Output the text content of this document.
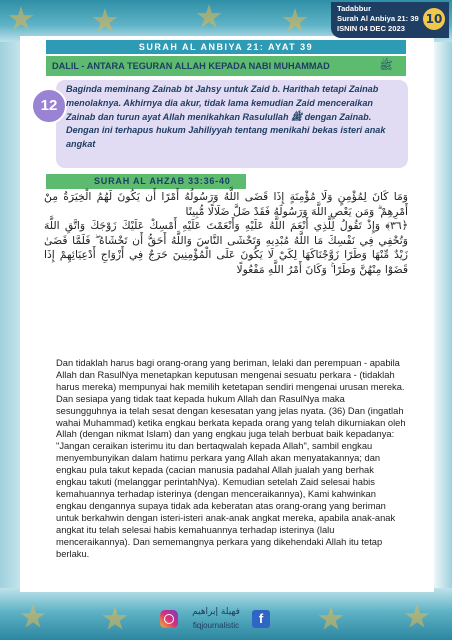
Tadabbur
Surah Al Anbiya 21: 39
ISNIN 04 DEC 2023
10
SURAH AL ANBIYA 21: AYAT 39
DALIL - ANTARA TEGURAN ALLAH KEPADA NABI MUHAMMAD	ﷺ
12
Baginda meminang Zainab bt Jahsy untuk Zaid b. Harithah tetapi Zainab menolaknya. Akhirnya dia akur, tidak lama kemudian Zaid menceraikan Zainab dan turun ayat Allah menikahkan Rasulullah ﷺ dengan Zainab. Dengan ini terhapus hukum Jahiliyyah tentang menikahi bekas isteri anak angkat
SURAH AL AHZAB 33:36-40

وَمَا كَانَ لِمُؤْمِنٍ وَلَا مُؤْمِنَةٍ إِذَا قَضَى اللَّهُ وَرَسُولُهُ أَمْرًا أَن يَكُونَ لَهُمُ الْخِيَرَةُ مِنْ أَمْرِهِمْ ۗ وَمَن يَعْصِ اللَّهَ وَرَسُولَهُ فَقَدْ ضَلَّ ضَلَالًا مُّبِينًا

﴿٣٦﴾ وَإِذْ تَقُولُ لِلَّذِي أَنْعَمَ اللَّهُ عَلَيْهِ وَأَنْعَمْتَ عَلَيْهِ أَمْسِكْ عَلَيْكَ زَوْجَكَ وَاتَّقِ اللَّهَ وَتُخْفِي فِي نَفْسِكَ مَا اللَّهُ مُبْدِيهِ وَتَخْشَى النَّاسَ وَاللَّهُ أَحَقُّ أَن تَخْشَاهُ ۖ فَلَمَّا قَضَىٰ زَيْدٌ مِّنْهَا وَطَرًا زَوَّجْنَاكَهَا لِكَيْ لَا يَكُونَ عَلَى الْمُؤْمِنِينَ حَرَجٌ فِي أَزْوَاجِ أَدْعِيَائِهِمْ إِذَا قَضَوْا مِنْهُنَّ وَطَرًا ۚ وَكَانَ أَمْرُ اللَّهِ مَفْعُولًا

Dan tidaklah harus bagi orang-orang yang beriman, lelaki dan perempuan - apabila Allah dan RasulNya menetapkan keputusan mengenai sesuatu perkara - (tidaklah harus mereka) mempunyai hak memilih ketetapan sendiri mengenai urusan mereka. Dan sesiapa yang tidak taat kepada hukum Allah dan RasulNya maka sesungguhnya ia telah sesat dengan kesesatan yang jelas nyata. (36) Dan (ingatlah wahai Muhammad) ketika engkau berkata kepada orang yang telah dikurniakan oleh Allah (dengan nikmat Islam) dan yang engkau juga telah berbuat baik kepadanya: "Jangan ceraikan isterimu itu dan bertaqwalah kepada Allah", sambil engkau menyembunyikan dalam hatimu perkara yang Allah akan menyatakannya; dan engkau pula takut kepada (cacian manusia padahal Allah jualah yang berhak engkau takuti (melanggar perintahNya). Kemudian setelah Zaid selesai habis kemahuannya terhadap isterinya (dengan menceraikannya), Kami kahwinkan engkau dengannya supaya tidak ada keberatan atas orang-orang yang beriman untuk berkahwin dengan isteri-isteri anak-anak angkat mereka, apabila anak-anak angkat itu telah selesai habis kemahuannya terhadap isterinya (lalu menceraikannya). Dan sememangnya perkara yang dikehendaki Allah itu tetap berlaku.
فهيلة إبراهيم
fiqjournalistic	f
